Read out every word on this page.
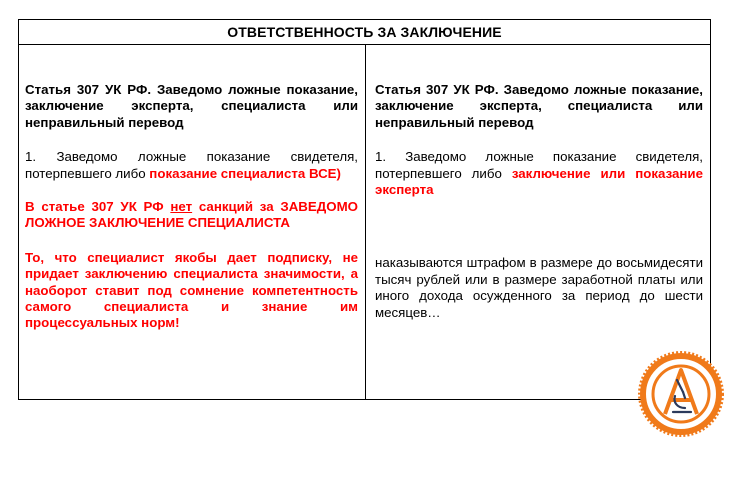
ОТВЕТСТВЕННОСТЬ ЗА ЗАКЛЮЧЕНИЕ

Статья 307 УК РФ. Заведомо ложные показание, заключение эксперта, специалиста или неправильный перевод

1. Заведомо ложные показание свидетеля, потерпевшего либо показание специалиста ВСЕ)

В статье 307 УК РФ нет санкций за ЗАВЕДОМО ЛОЖНОЕ ЗАКЛЮЧЕНИЕ СПЕЦИАЛИСТА

То, что специалист якобы дает подписку, не придает заключению специалиста значимости, а наоборот ставит под сомнение компетентность самого специалиста и знание им процессуальных норм!

Статья 307 УК РФ. Заведомо ложные показание, заключение эксперта, специалиста или неправильный перевод

1. Заведомо ложные показание свидетеля, потерпевшего либо заключение или показание эксперта

наказываются штрафом в размере до восьмидесяти тысяч рублей или в размере заработной платы или иного дохода осужденного за период до шести месяцев…
